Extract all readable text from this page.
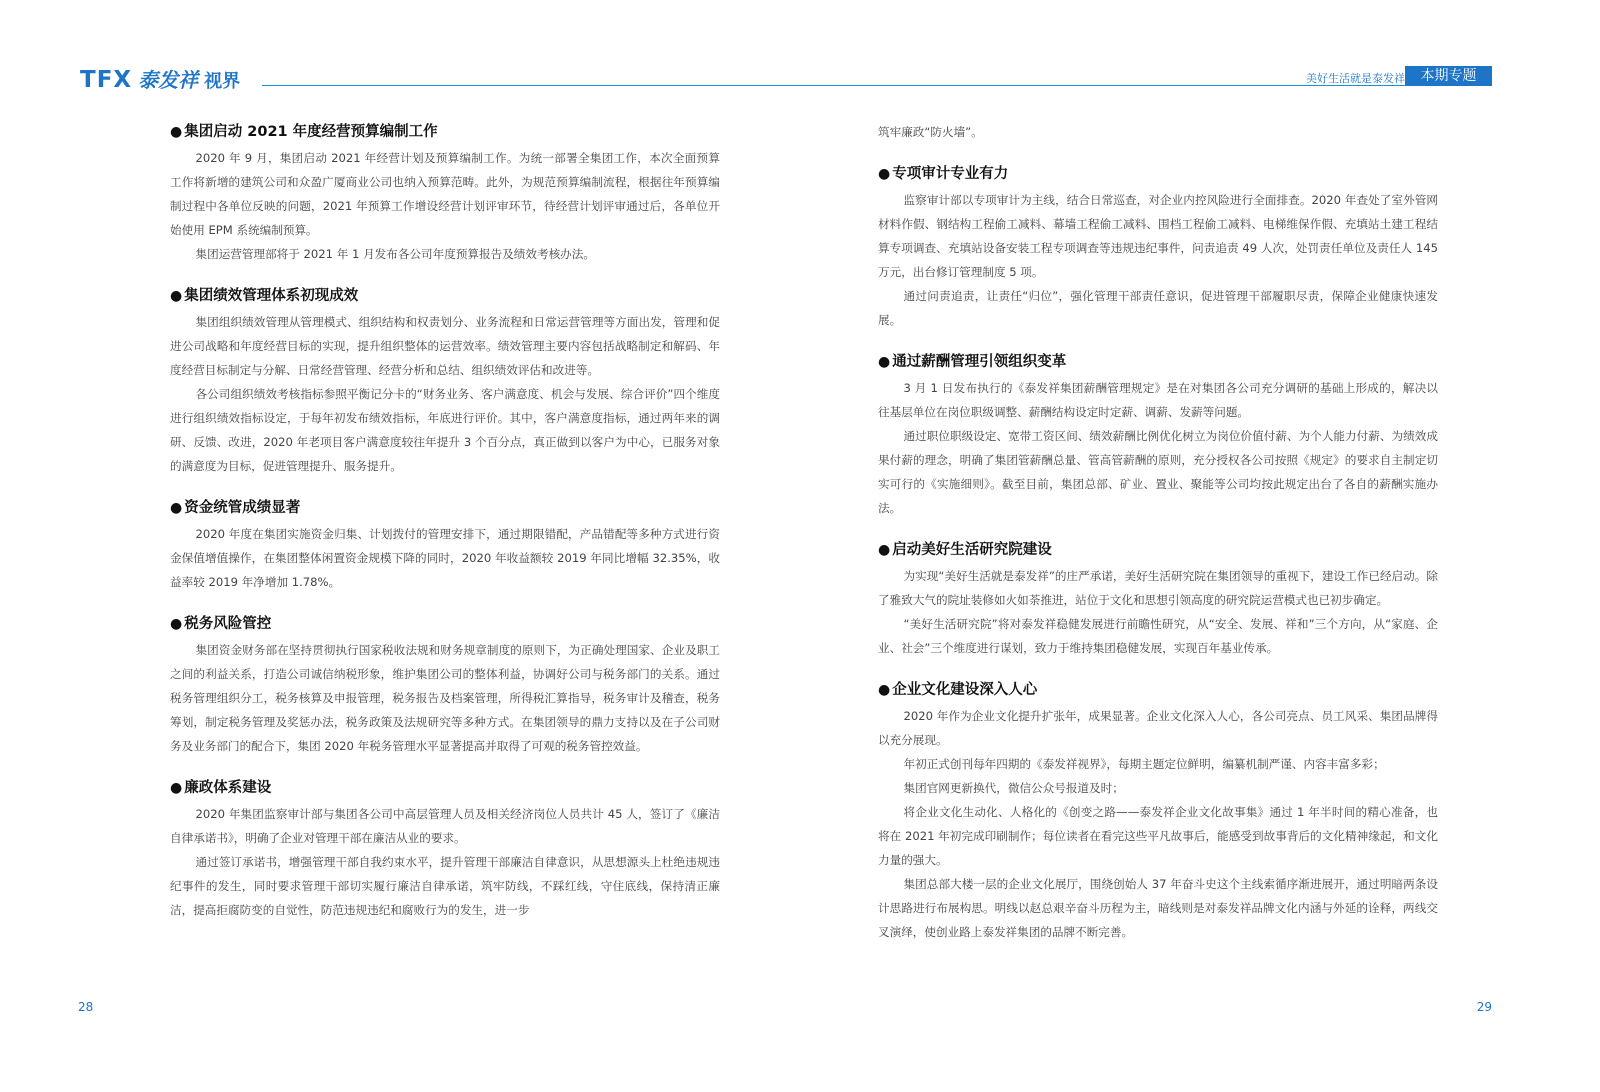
TFX 泰发祥 视界	美好生活就是泰发祥	本期专题
● 集团启动 2021 年度经营预算编制工作

2020 年 9 月，集团启动 2021 年经营计划及预算编制工作。为统一部署全集团工作，本次全面预算工作将新增的建筑公司和众盈广厦商业公司也纳入预算范畴。此外，为规范预算编制流程，根据往年预算编制过程中各单位反映的问题，2021 年预算工作增设经营计划评审环节，待经营计划评审通过后，各单位开始使用 EPM 系统编制预算。

集团运营管理部将于 2021 年 1 月发布各公司年度预算报告及绩效考核办法。

● 集团绩效管理体系初现成效

集团组织绩效管理从管理模式、组织结构和权责划分、业务流程和日常运营管理等方面出发，管理和促进公司战略和年度经营目标的实现，提升组织整体的运营效率。绩效管理主要内容包括战略制定和解码、年度经营目标制定与分解、日常经营管理、经营分析和总结、组织绩效评估和改进等。

各公司组织绩效考核指标参照平衡记分卡的“财务业务、客户满意度、机会与发展、综合评价”四个维度进行组织绩效指标设定，于每年初发布绩效指标，年底进行评价。其中，客户满意度指标，通过两年来的调研、反馈、改进，2020 年老项目客户满意度较往年提升 3 个百分点，真正做到以客户为中心，已服务对象的满意度为目标，促进管理提升、服务提升。

● 资金统管成绩显著

2020 年度在集团实施资金归集、计划拨付的管理安排下，通过期限错配，产品错配等多种方式进行资金保值增值操作，在集团整体闲置资金规模下降的同时，2020 年收益额较 2019 年同比增幅 32.35%，收益率较 2019 年净增加 1.78%。

● 税务风险管控

集团资金财务部在坚持贯彻执行国家税收法规和财务规章制度的原则下，为正确处理国家、企业及职工之间的利益关系，打造公司诚信纳税形象，维护集团公司的整体利益，协调好公司与税务部门的关系。通过税务管理组织分工，税务核算及申报管理，税务报告及档案管理，所得税汇算指导，税务审计及稽查，税务筹划，制定税务管理及奖惩办法，税务政策及法规研究等多种方式。在集团领导的鼎力支持以及在子公司财务及业务部门的配合下，集团 2020 年税务管理水平显著提高并取得了可观的税务管控效益。

● 廉政体系建设

2020 年集团监察审计部与集团各公司中高层管理人员及相关经济岗位人员共计 45 人，签订了《廉洁自律承诺书》，明确了企业对管理干部在廉洁从业的要求。

通过签订承诺书，增强管理干部自我约束水平，提升管理干部廉洁自律意识，从思想源头上杜绝违规违纪事件的发生，同时要求管理干部切实履行廉洁自律承诺，筑牢防线，不踩红线，守住底线，保持清正廉洁，提高拒腐防变的自觉性，防范违规违纪和腐败行为的发生，进一步

筑牢廉政“防火墙”。

● 专项审计专业有力

监察审计部以专项审计为主线，结合日常巡查，对企业内控风险进行全面排查。2020 年查处了室外管网材料作假、钢结构工程偷工减料、幕墙工程偷工减料、围档工程偷工减料、电梯维保作假、充填站土建工程结算专项调查、充填站设备安装工程专项调查等违规违纪事件，问责追责 49 人次，处罚责任单位及责任人 145 万元，出台修订管理制度 5 项。

通过问责追责，让责任“归位”，强化管理干部责任意识，促进管理干部履职尽责，保障企业健康快速发展。

● 通过薪酬管理引领组织变革

3 月 1 日发布执行的《泰发祥集团薪酬管理规定》是在对集团各公司充分调研的基础上形成的，解决以往基层单位在岗位职级调整、薪酬结构设定时定薪、调薪、发薪等问题。

通过职位职级设定、宽带工资区间、绩效薪酬比例优化树立为岗位价值付薪、为个人能力付薪、为绩效成果付薪的理念，明确了集团管薪酬总量、管高管薪酬的原则，充分授权各公司按照《规定》的要求自主制定切实可行的《实施细则》。截至目前，集团总部、矿业、置业、聚能等公司均按此规定出台了各自的薪酬实施办法。

● 启动美好生活研究院建设

为实现“美好生活就是泰发祥”的庄严承诺，美好生活研究院在集团领导的重视下，建设工作已经启动。除了雅致大气的院址装修如火如荼推进，站位于文化和思想引领高度的研究院运营模式也已初步确定。

“美好生活研究院”将对泰发祥稳健发展进行前瞻性研究，从“安全、发展、祥和”三个方向，从“家庭、企业、社会”三个维度进行谋划，致力于维持集团稳健发展，实现百年基业传承。

● 企业文化建设深入人心

2020 年作为企业文化提升扩张年，成果显著。企业文化深入人心，各公司亮点、员工风采、集团品牌得以充分展现。

年初正式创刊每年四期的《泰发祥视界》，每期主题定位鲜明，编纂机制严谨、内容丰富多彩；

集团官网更新换代，微信公众号报道及时；

将企业文化生动化、人格化的《创变之路——泰发祥企业文化故事集》通过 1 年半时间的精心准备，也将在 2021 年初完成印刷制作；每位读者在看完这些平凡故事后，能感受到故事背后的文化精神缘起，和文化力量的强大。

集团总部大楼一层的企业文化展厅，围绕创始人 37 年奋斗史这个主线索循序渐进展开，通过明暗两条设计思路进行布展构思。明线以赵总艰辛奋斗历程为主，暗线则是对泰发祥品牌文化内涵与外延的诠释，两线交叉演绎，使创业路上泰发祥集团的品牌不断完善。

28	29
